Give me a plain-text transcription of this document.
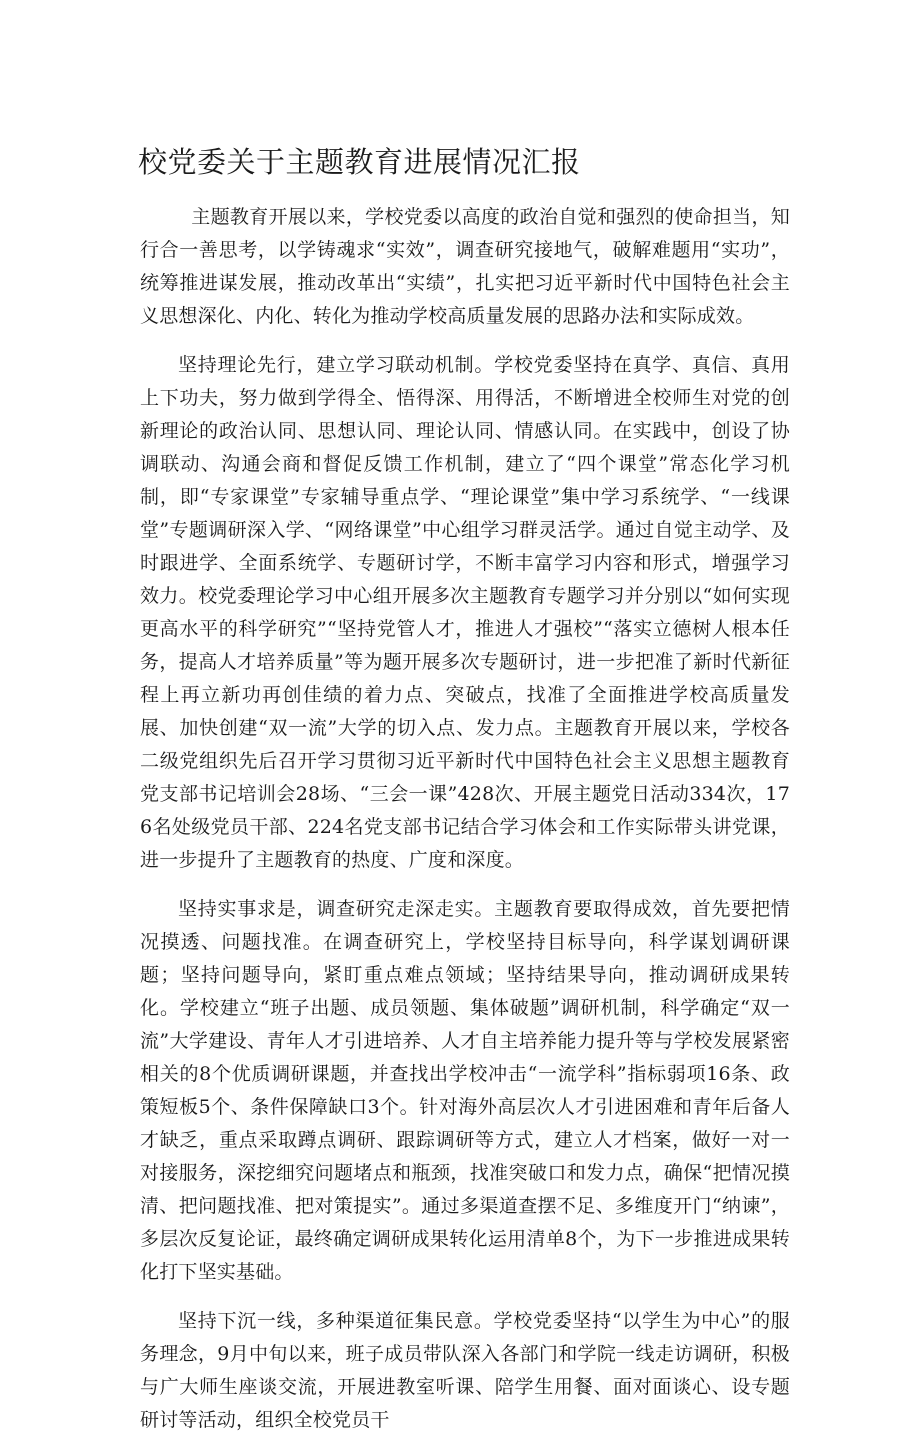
校党委关于主题教育进展情况汇报

主题教育开展以来，学校党委以高度的政治自觉和强烈的使命担当，知行合一善思考，以学铸魂求“实效”，调查研究接地气，破解难题用“实功”，统筹推进谋发展，推动改革出“实绩”，扎实把习近平新时代中国特色社会主义思想深化、内化、转化为推动学校高质量发展的思路办法和实际成效。

坚持理论先行，建立学习联动机制。学校党委坚持在真学、真信、真用上下功夫，努力做到学得全、悟得深、用得活，不断增进全校师生对党的创新理论的政治认同、思想认同、理论认同、情感认同。在实践中，创设了协调联动、沟通会商和督促反馈工作机制，建立了“四个课堂”常态化学习机制，即“专家课堂”专家辅导重点学、“理论课堂”集中学习系统学、“一线课堂”专题调研深入学、“网络课堂”中心组学习群灵活学。通过自觉主动学、及时跟进学、全面系统学、专题研讨学，不断丰富学习内容和形式，增强学习效力。校党委理论学习中心组开展多次主题教育专题学习并分别以“如何实现更高水平的科学研究”“坚持党管人才，推进人才强校”“落实立德树人根本任务，提高人才培养质量”等为题开展多次专题研讨，进一步把准了新时代新征程上再立新功再创佳绩的着力点、突破点，找准了全面推进学校高质量发展、加快创建“双一流”大学的切入点、发力点。主题教育开展以来，学校各二级党组织先后召开学习贯彻习近平新时代中国特色社会主义思想主题教育党支部书记培训会28场、“三会一课”428次、开展主题党日活动334次，176名处级党员干部、224名党支部书记结合学习体会和工作实际带头讲党课，进一步提升了主题教育的热度、广度和深度。

坚持实事求是，调查研究走深走实。主题教育要取得成效，首先要把情况摸透、问题找准。在调查研究上，学校坚持目标导向，科学谋划调研课题；坚持问题导向，紧盯重点难点领域；坚持结果导向，推动调研成果转化。学校建立“班子出题、成员领题、集体破题”调研机制，科学确定“双一流”大学建设、青年人才引进培养、人才自主培养能力提升等与学校发展紧密相关的8个优质调研课题，并查找出学校冲击“一流学科”指标弱项16条、政策短板5个、条件保障缺口3个。针对海外高层次人才引进困难和青年后备人才缺乏，重点采取蹲点调研、跟踪调研等方式，建立人才档案，做好一对一对接服务，深挖细究问题堵点和瓶颈，找准突破口和发力点，确保“把情况摸清、把问题找准、把对策提实”。通过多渠道查摆不足、多维度开门“纳谏”，多层次反复论证，最终确定调研成果转化运用清单8个，为下一步推进成果转化打下坚实基础。

坚持下沉一线，多种渠道征集民意。学校党委坚持“以学生为中心”的服务理念，9月中旬以来，班子成员带队深入各部门和学院一线走访调研，积极与广大师生座谈交流，开展进教室听课、陪学生用餐、面对面谈心、设专题研讨等活动，组织全校党员干
